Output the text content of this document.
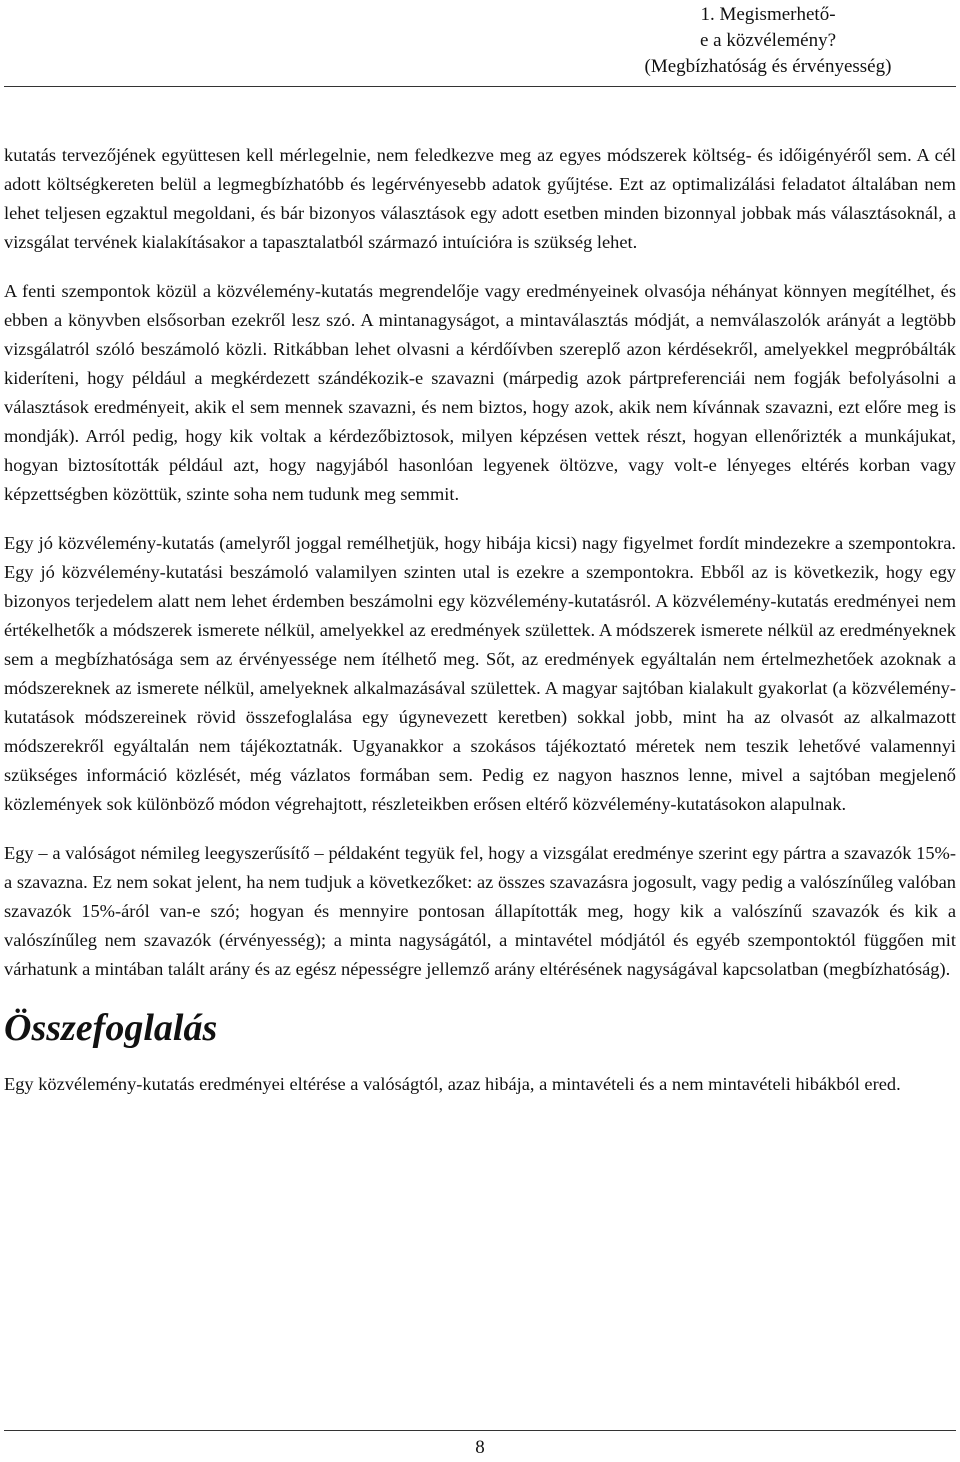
1. Megismerhető-
e a közvélemény?
(Megbízhatóság és érvényesség)

kutatás tervezőjének együttesen kell mérlegelnie, nem feledkezve meg az egyes módszerek költség- és időigényéről sem. A cél adott költségkereten belül a legmegbízhatóbb és legérvényesebb adatok gyűjtése. Ezt az optimalizálási feladatot általában nem lehet teljesen egzaktul megoldani, és bár bizonyos választások egy adott esetben minden bizonnyal jobbak más választásoknál, a vizsgálat tervének kialakításakor a tapasztalatból származó intuícióra is szükség lehet.

A fenti szempontok közül a közvélemény-kutatás megrendelője vagy eredményeinek olvasója néhányat könnyen megítélhet, és ebben a könyvben elsősorban ezekről lesz szó. A mintanagyságot, a mintaválasztás módját, a nemválaszolók arányát a legtöbb vizsgálatról szóló beszámoló közli. Ritkábban lehet olvasni a kérdőívben szereplő azon kérdésekről, amelyekkel megpróbálták kideríteni, hogy például a megkérdezett szándékozik-e szavazni (márpedig azok pártpreferenciái nem fogják befolyásolni a választások eredményeit, akik el sem mennek szavazni, és nem biztos, hogy azok, akik nem kívánnak szavazni, ezt előre meg is mondják). Arról pedig, hogy kik voltak a kérdezőbiztosok, milyen képzésen vettek részt, hogyan ellenőrizték a munkájukat, hogyan biztosították például azt, hogy nagyjából hasonlóan legyenek öltözve, vagy volt-e lényeges eltérés korban vagy képzettségben közöttük, szinte soha nem tudunk meg semmit.

Egy jó közvélemény-kutatás (amelyről joggal remélhetjük, hogy hibája kicsi) nagy figyelmet fordít mindezekre a szempontokra. Egy jó közvélemény-kutatási beszámoló valamilyen szinten utal is ezekre a szempontokra. Ebből az is következik, hogy egy bizonyos terjedelem alatt nem lehet érdemben beszámolni egy közvélemény-kutatásról. A közvélemény-kutatás eredményei nem értékelhetők a módszerek ismerete nélkül, amelyekkel az eredmények születtek. A módszerek ismerete nélkül az eredményeknek sem a megbízhatósága sem az érvényessége nem ítélhető meg. Sőt, az eredmények egyáltalán nem értelmezhetőek azoknak a módszereknek az ismerete nélkül, amelyeknek alkalmazásával születtek. A magyar sajtóban kialakult gyakorlat (a közvélemény-kutatások módszereinek rövid összefoglalása egy úgynevezett keretben) sokkal jobb, mint ha az olvasót az alkalmazott módszerekről egyáltalán nem tájékoztatnák. Ugyanakkor a szokásos tájékoztató méretek nem teszik lehetővé valamennyi szükséges információ közlését, még vázlatos formában sem. Pedig ez nagyon hasznos lenne, mivel a sajtóban megjelenő közlemények sok különböző módon végrehajtott, részleteikben erősen eltérő közvélemény-kutatásokon alapulnak.

Egy – a valóságot némileg leegyszerűsítő – példaként tegyük fel, hogy a vizsgálat eredménye szerint egy pártra a szavazók 15%-a szavazna. Ez nem sokat jelent, ha nem tudjuk a következőket: az összes szavazásra jogosult, vagy pedig a valószínűleg valóban szavazók 15%-áról van-e szó; hogyan és mennyire pontosan állapították meg, hogy kik a valószínű szavazók és kik a valószínűleg nem szavazók (érvényesség); a minta nagyságától, a mintavétel módjától és egyéb szempontoktól függően mit várhatunk a mintában talált arány és az egész népességre jellemző arány eltérésének nagyságával kapcsolatban (megbízhatóság).

Összefoglalás

Egy közvélemény-kutatás eredményei eltérése a valóságtól, azaz hibája, a mintavételi és a nem mintavételi hibákból ered.

8
